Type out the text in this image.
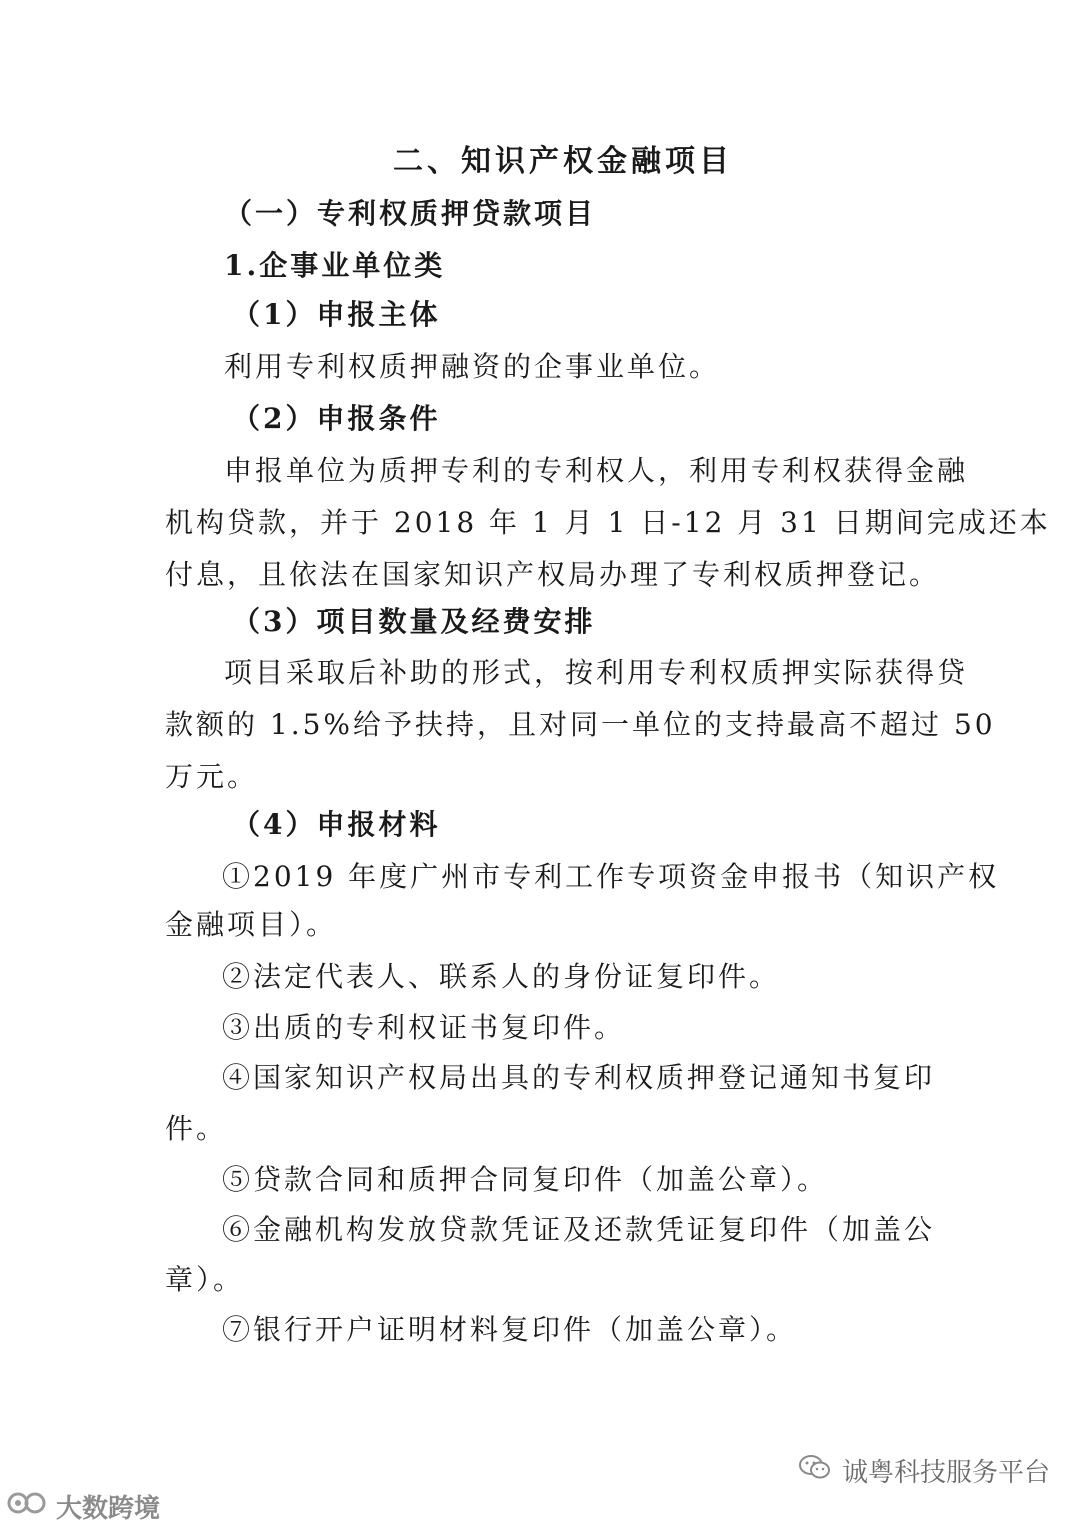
二、知识产权金融项目
（一）专利权质押贷款项目
1.企事业单位类
（1）申报主体
利用专利权质押融资的企事业单位。
（2）申报条件
申报单位为质押专利的专利权人，利用专利权获得金融
机构贷款，并于 2018 年 1 月 1 日-12 月 31 日期间完成还本
付息，且依法在国家知识产权局办理了专利权质押登记。
（3）项目数量及经费安排
项目采取后补助的形式，按利用专利权质押实际获得贷
款额的 1.5%给予扶持，且对同一单位的支持最高不超过 50
万元。
（4）申报材料
①2019 年度广州市专利工作专项资金申报书（知识产权
金融项目）。
②法定代表人、联系人的身份证复印件。
③出质的专利权证书复印件。
④国家知识产权局出具的专利权质押登记通知书复印
件。
⑤贷款合同和质押合同复印件（加盖公章）。
⑥金融机构发放贷款凭证及还款凭证复印件（加盖公
章）。
⑦银行开户证明材料复印件（加盖公章）。
诚粤科技服务平台
大数跨境
